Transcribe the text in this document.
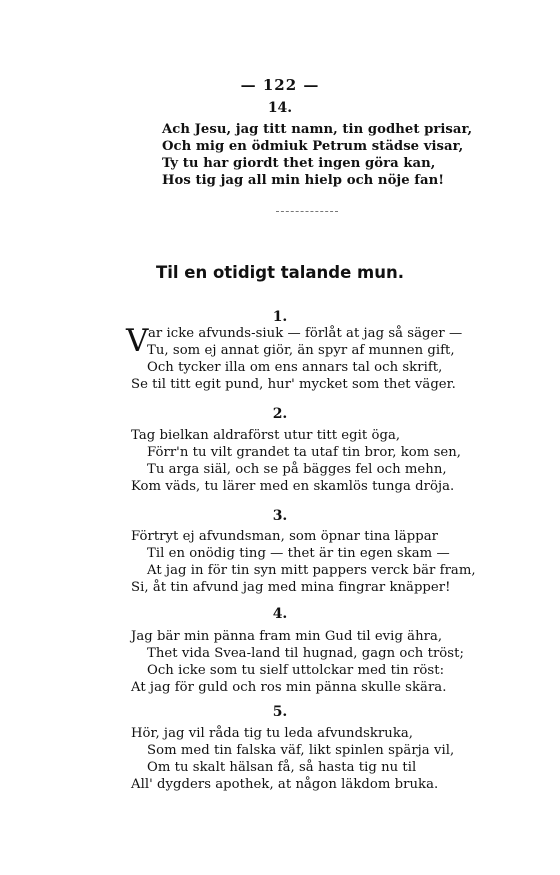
— 122 —
14.
Ach Jesu, jag titt namn, tin godhet prisar,
Och mig en ödmiuk Petrum städse visar,
Ty tu har giordt thet ingen göra kan,
Hos tig jag all min hielp och nöje fan!
Til en otidigt talande mun.
1.
V ar icke afvunds-siuk — förlåt at jag så säger —
Tu, som ej annat giör, än spyr af munnen gift,
Och tycker illa om ens annars tal och skrift,
Se til titt egit pund, hur' mycket som thet väger.
2.
Tag bielkan aldraförst utur titt egit öga,
Förr'n tu vilt grandet ta utaf tin bror, kom sen,
Tu arga siäl, och se på bägges fel och mehn,
Kom väds, tu lärer med en skamlös tunga dröja.
3.
Förtryt ej afvundsman, som öpnar tina läppar
Til en onödig ting — thet är tin egen skam —
At jag in för tin syn mitt pappers verck bär fram,
Si, åt tin afvund jag med mina fingrar knäpper!
4.
Jag bär min pänna fram min Gud til evig ähra,
Thet vida Svea-land til hugnad, gagn och tröst;
Och icke som tu sielf uttolckar med tin röst:
At jag för guld och ros min pänna skulle skära.
5.
Hör, jag vil råda tig tu leda afvundskruka,
Som med tin falska väf, likt spinlen spärja vil,
Om tu skalt hälsan få, så hasta tig nu til
All' dygders apothek, at någon läkdom bruka.
